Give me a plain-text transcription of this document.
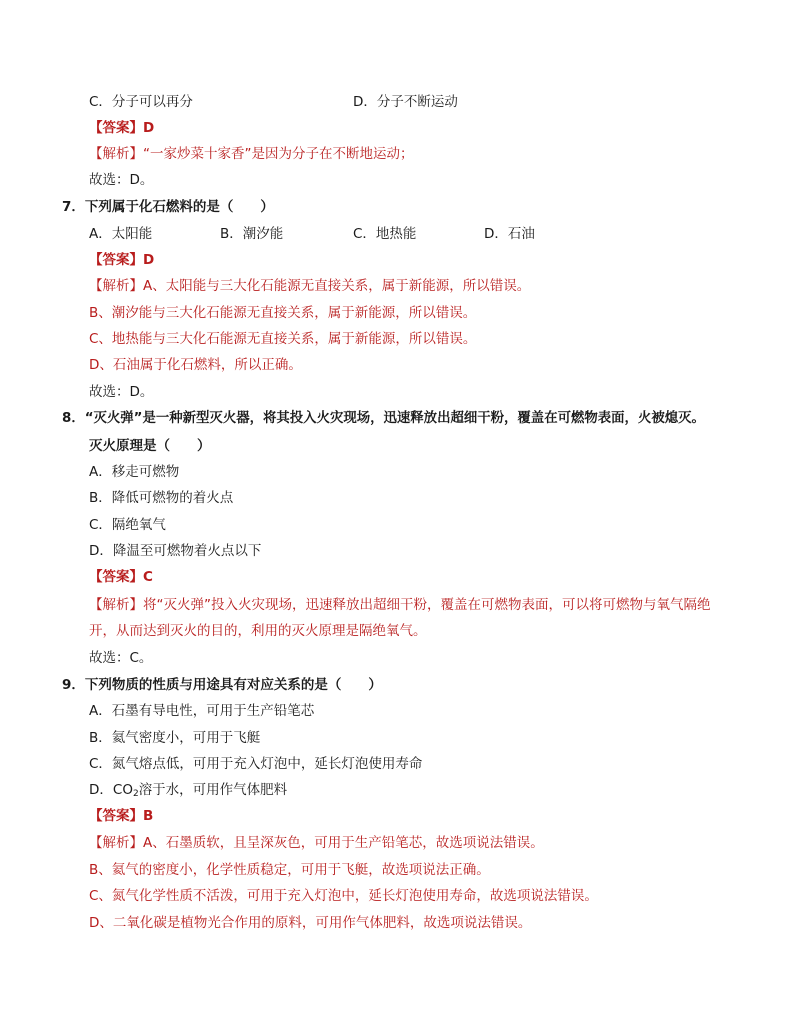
C．分子可以再分	D．分子不断运动
【答案】D
【解析】“一家炒菜十家香”是因为分子在不断地运动；
故选：D。
7．下列属于化石燃料的是（　　）
A．太阳能	B．潮汐能	C．地热能	D．石油
【答案】D
【解析】A、太阳能与三大化石能源无直接关系，属于新能源，所以错误。
B、潮汐能与三大化石能源无直接关系，属于新能源，所以错误。
C、地热能与三大化石能源无直接关系，属于新能源，所以错误。
D、石油属于化石燃料，所以正确。
故选：D。
8．“灭火弹”是一种新型灭火器，将其投入火灾现场，迅速释放出超细干粉，覆盖在可燃物表面，火被熄灭。
灭火原理是（　　）
A．移走可燃物
B．降低可燃物的着火点
C．隔绝氧气
D．降温至可燃物着火点以下
【答案】C
【解析】将“灭火弹”投入火灾现场，迅速释放出超细干粉，覆盖在可燃物表面，可以将可燃物与氧气隔绝
开，从而达到灭火的目的，利用的灭火原理是隔绝氧气。
故选：C。
9．下列物质的性质与用途具有对应关系的是（　　）
A．石墨有导电性，可用于生产铅笔芯
B．氦气密度小，可用于飞艇
C．氮气熔点低，可用于充入灯泡中，延长灯泡使用寿命
D．$CO_2$溶于水，可用作气体肥料
【答案】B
【解析】A、石墨质软，且呈深灰色，可用于生产铅笔芯，故选项说法错误。
B、氦气的密度小，化学性质稳定，可用于飞艇，故选项说法正确。
C、氮气化学性质不活泼，可用于充入灯泡中，延长灯泡使用寿命，故选项说法错误。
D、二氧化碳是植物光合作用的原料，可用作气体肥料，故选项说法错误。
